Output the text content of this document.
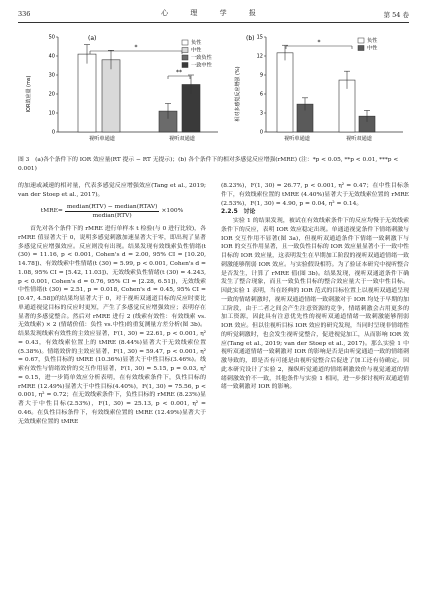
336	心 理 学 报	第 54 卷
(a)
IOR效应量 (ms)
0
10
20
30
40
50
视听单通道	视听双通道
*
**
负性
中性
一致负性
一致中性
(b)
相对多感觉反应增强 (%)
0
3
6
9
12
15
视听单通道	视听双通道
*	负性
中性
图 3　(a)各个条件下的 IOR 效应量(RT 提示 − RT 无提示)；(b) 各个条件下的相对多感觉反应增强(rMRE) (注：*p < 0.05, **p < 0.01, ***p < 0.001)

的加速或减速的相对量，代表多感觉反应增强效应(Tang et al., 2019; van der Stoep et al., 2017)。

tMRE= $\frac{\text{median(RTV) − median(RTAV)}}{\text{median(RTV)}} \times 100\%$

首先对各个条件下的 rMRE 进行单样本 t 检验(与 0 进行比较)，各 rMRE 值显著大于 0，说明多感觉刺激加速显著大于零，即出现了显著多感觉反应增强效应。反应则没有出现。结果发现有效线索负性情绪(t (30) = 11.16, p < 0.001, Cohen's d = 2.00, 95% CI = [10.20, 14.78])、有效线索中性情绪(t (30) = 5.99, p < 0.001, Cohen's d = 1.08, 95% CI = [5.42, 11.03])、无效线索负性情绪(t (30) = 4.243, p < 0.001, Cohen's d = 0.76, 95% CI = [2.28, 6.51])，无效线索中性情绪(t (30) = 2.51, p = 0.018, Cohen's d = 0.45, 95% CI = [0.47, 4.58])的结果均显著大于 0，对于视听双通道目标的反应时要比单通道视觉目标的反应时更短，产生了多感觉反应增强效应；表明存在显著的多感觉整合。然后对 rMRE 进行 2 (线索有效性：有效线索 vs.无效线索) × 2 (情绪价值：负性 vs.中性)的重复测量方差分析(图 3b)。结果发现线索有效性的主效应显著，F(1, 30) = 22.61, p < 0.001, η² = 0.43，有效线索位置上的 tMRE (8.44%)显著大于无效线索位置(5.38%)。情绪效价的主效应显著，F(1, 30) = 59.47, p < 0.001, η² = 0.67，负性目标的 tMRE (10.36%)显著大于中性目标(3.46%)。线索有效性与情绪效价的交互作用显著，F(1, 30) = 5.15, p = 0.03, η² = 0.15，进一步简单效应分析表明，在有效线索条件下，负性目标的 rMRE (12.49%)显著大于中性目标(4.40%)，F(1, 30) = 75.56, p < 0.001, η² = 0.72；在无效线索条件下，负性目标的 rMRE (8.23%)显著大于中性目标(2.53%)，F(1, 30) = 25.13, p < 0.001, η² = 0.46。在负性目标条件下，有效线索位置的 tMRE (12.49%)显著大于无效线索位置的 tMRE

(8.23%)，F(1, 30) = 26.77, p < 0.001, η² = 0.47；在中性目标条件下，有效线索位置的 tMRE (4.40%)显著大于无效线索位置的 rMRE (2.53%)，F(1, 30) = 4.90, p = 0.04, η² = 0.14。

2.2.5　讨论

实验 1 的结果发现，被试在有效线索条件下的反应均慢于无效线索条件下的反应，表明 IOR 效应稳定出现。单通道视觉条件下情绪刺激与 IOR 交互作用不显著(图 3a)，但视听双通道条件下情绪一致刺激下与 IOR 的交互作用显著，且一致负性目标的 IOR 效应量显著小于一致中性目标的 IOR 效应量，这表明发生在早期加工阶段的视听双通道情绪一致刺激能够削弱 IOR 效应。与实验假设相符。为了验证本研究中视听整合是否发生，计算了 rMRE 值(图 3b)。结果发现，视听双通道条件下确发生了整合现象，而且一致负性目标的整合效应量大于一致中性目标。因此实验 1 表明，当在经典的 IOR 范式的目标位置上以视听双通道呈现一致的情绪刺激时，视听双通道情绪一致刺激对于 IOR 均处于早期的加工阶段，由于二者之间会产生注意资源的竞争，情绪刺激会占用更多的加工资源，因此具有注意优先性的视听双通道情绪一致刺激能够削弱 IOR 效应。但以往视听目标 IOR 效应的研究发现，当同时呈现非情绪性的听觉刺激时，也会发生视听觉整合，促进视觉加工，从而影响 IOR 效应(Tang et al., 2019; van der Stoep et al., 2017)。那么实验 1 中视听双通道情绪一致刺激对 IOR 的影响是否是由听觉通道一致的情绪刺激导致的，即是否有可能是由视听觉整合后促进了加工还有待确定。因此本研究设计了实验 2，操纵听觉通道的情绪刺激效价与视觉通道的情绪刺激效价不一致，其他条件与实验 1 相同，进一步探讨视听双通道情绪一致刺激对 IOR 的影响。
